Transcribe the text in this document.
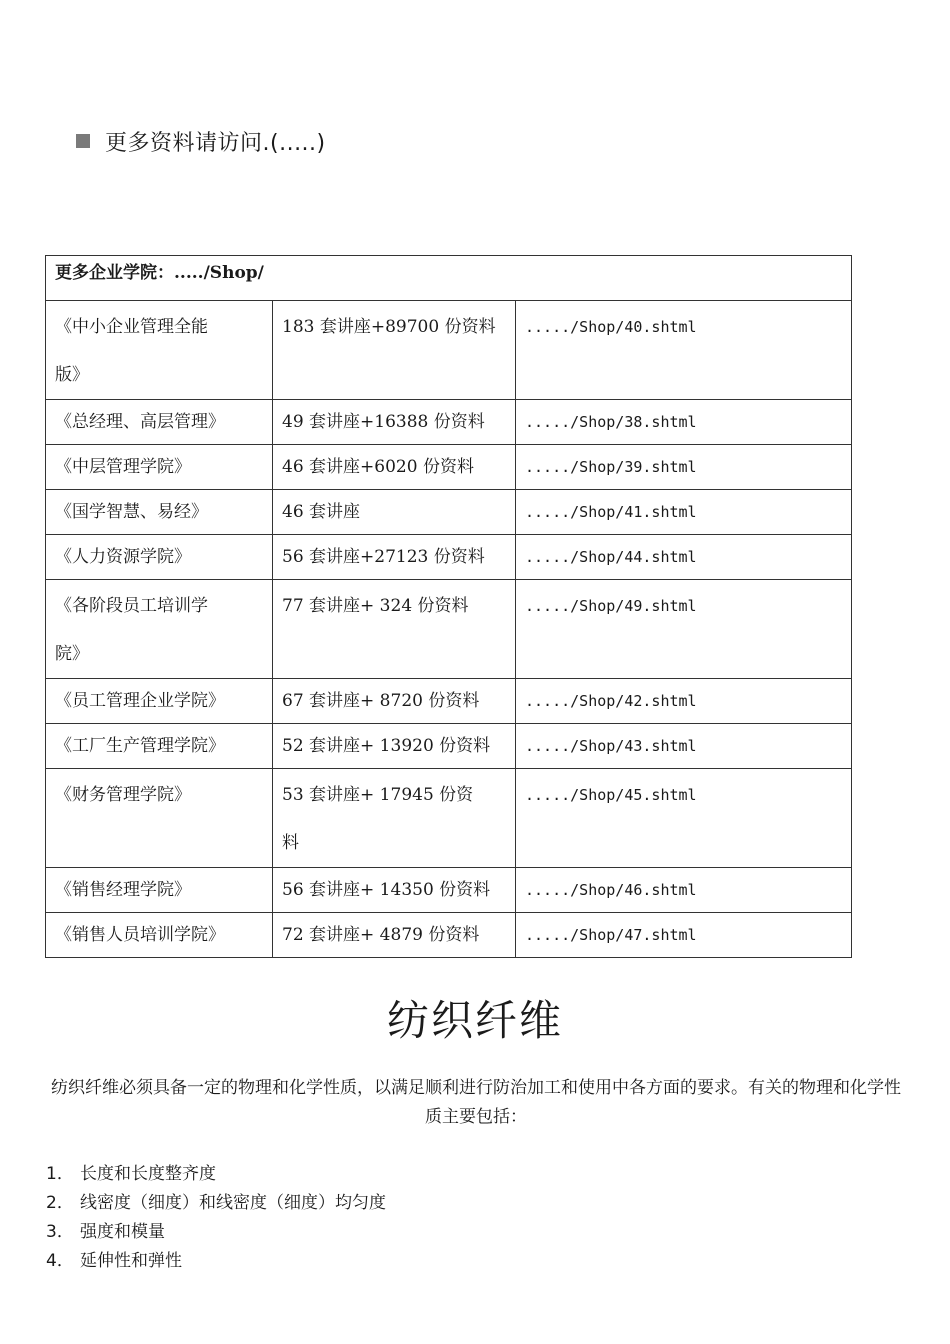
更多资料请访问.(.....)
更多企业学院：...../Shop/		

《中小企业管理全能
版》	183 套讲座+89700 份资料	...../Shop/40.shtml

《总经理、高层管理》	49 套讲座+16388 份资料	...../Shop/38.shtml

《中层管理学院》	46 套讲座+6020 份资料	...../Shop/39.shtml

《国学智慧、易经》	46 套讲座	...../Shop/41.shtml

《人力资源学院》	56 套讲座+27123 份资料	...../Shop/44.shtml

《各阶段员工培训学
院》	77 套讲座+ 324 份资料	...../Shop/49.shtml

《员工管理企业学院》	67 套讲座+ 8720 份资料	...../Shop/42.shtml

《工厂生产管理学院》	52 套讲座+ 13920 份资料	...../Shop/43.shtml

《财务管理学院》	53 套讲座+ 17945 份资
料	...../Shop/45.shtml

《销售经理学院》	56 套讲座+ 14350 份资料	...../Shop/46.shtml

《销售人员培训学院》	72 套讲座+ 4879 份资料	...../Shop/47.shtml
纺织纤维
纺织纤维必须具备一定的物理和化学性质，以满足顺利进行防治加工和使用中各方面的要求。有关的物理和化学性质主要包括：
1． 长度和长度整齐度
2． 线密度（细度）和线密度（细度）均匀度
3． 强度和模量
4． 延伸性和弹性
